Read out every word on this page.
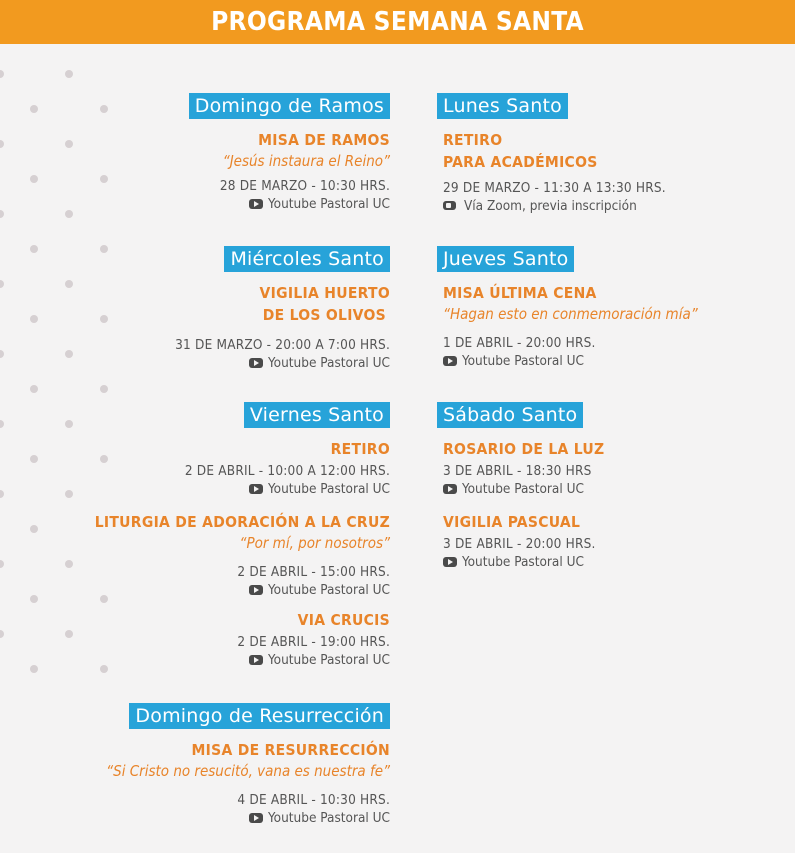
PROGRAMA SEMANA SANTA
Domingo de Ramos
MISA DE RAMOS
“Jesús instaura el Reino”
28 DE MARZO - 10:30 HRS.
Youtube Pastoral UC
Lunes Santo
RETIRO
PARA ACADÉMICOS
29 DE MARZO - 11:30 A 13:30 HRS.
Vía Zoom, previa inscripción
Miércoles Santo
VIGILIA HUERTO
DE LOS OLIVOS
31 DE MARZO - 20:00 A 7:00 HRS.
Youtube Pastoral UC
Jueves Santo
MISA ÚLTIMA CENA
“Hagan esto en conmemoración mía”
1 DE ABRIL - 20:00 HRS.
Youtube Pastoral UC
Viernes Santo
RETIRO
2 DE ABRIL - 10:00 A 12:00 HRS.
Youtube Pastoral UC
LITURGIA DE ADORACIÓN A LA CRUZ
“Por mí, por nosotros”
2 DE ABRIL - 15:00 HRS.
Youtube Pastoral UC
VIA CRUCIS
2 DE ABRIL - 19:00 HRS.
Youtube Pastoral UC
Sábado Santo
ROSARIO DE LA LUZ
3 DE ABRIL - 18:30 HRS
Youtube Pastoral UC
VIGILIA PASCUAL
3 DE ABRIL - 20:00 HRS.
Youtube Pastoral UC
Domingo de Resurrección
MISA DE RESURRECCIÓN
“Si Cristo no resucitó, vana es nuestra fe”
4 DE ABRIL - 10:30 HRS.
Youtube Pastoral UC
